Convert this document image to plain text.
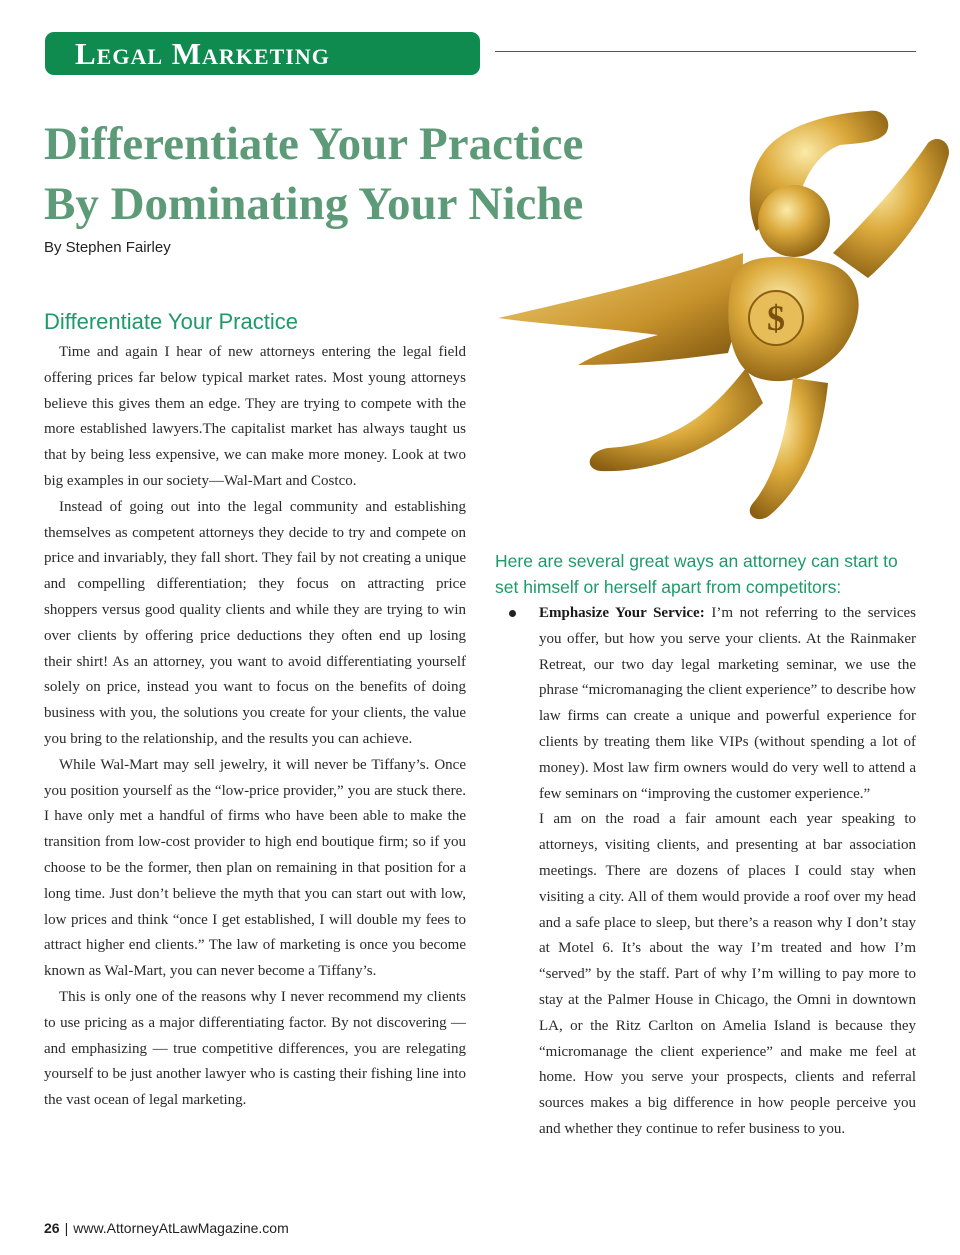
Legal Marketing
Differentiate Your Practice
By Dominating Your Niche
By Stephen Fairley
$
Differentiate Your Practice

Time and again I hear of new attorneys entering the legal field offering prices far below typical market rates. Most young attorneys believe this gives them an edge. They are trying to compete with the more established lawyers.The capitalist market has always taught us that by being less expensive, we can make more money. Look at two big examples in our society—Wal-Mart and Costco.

Instead of going out into the legal community and establishing themselves as competent attorneys they decide to try and compete on price and invariably, they fall short. They fail by not creating a unique and compelling differentiation; they focus on attracting price shoppers versus good quality clients and while they are trying to win over clients by offering price deductions they often end up losing their shirt! As an attorney, you want to avoid differentiating yourself solely on price, instead you want to focus on the benefits of doing business with you, the solutions you create for your clients, the value you bring to the relationship, and the results you can achieve.

While Wal-Mart may sell jewelry, it will never be Tiffany’s. Once you position yourself as the “low-price provider,” you are stuck there. I have only met a handful of firms who have been able to make the transition from low-cost provider to high end boutique firm; so if you choose to be the former, then plan on remaining in that position for a long time. Just don’t believe the myth that you can start out with low, low prices and think “once I get established, I will double my fees to attract higher end clients.” The law of marketing is once you become known as Wal-Mart, you can never become a Tiffany’s.

This is only one of the reasons why I never recommend my clients to use pricing as a major differentiating factor. By not discovering — and emphasizing — true competitive differences, you are relegating yourself to be just another lawyer who is casting their fishing line into the vast ocean of legal marketing.

Here are several great ways an attorney can start to set himself or herself apart from competitors:

Emphasize Your Service: I’m not referring to the services you offer, but how you serve your clients. At the Rainmaker Retreat, our two day legal marketing seminar, we use the phrase “micromanaging the client experience” to describe how law firms can create a unique and powerful experience for clients by treating them like VIPs (without spending a lot of money). Most law firm owners would do very well to attend a few seminars on “improving the customer experience.”

I am on the road a fair amount each year speaking to attorneys, visiting clients, and presenting at bar association meetings. There are dozens of places I could stay when visiting a city. All of them would provide a roof over my head and a safe place to sleep, but there’s a reason why I don’t stay at Motel 6. It’s about the way I’m treated and how I’m “served” by the staff. Part of why I’m willing to pay more to stay at the Palmer House in Chicago, the Omni in downtown LA, or the Ritz Carlton on Amelia Island is because they “micromanage the client experience” and make me feel at home. How you serve your prospects, clients and referral sources makes a big difference in how people perceive you and whether they continue to refer business to you.

26 | www.AttorneyAtLawMagazine.com
